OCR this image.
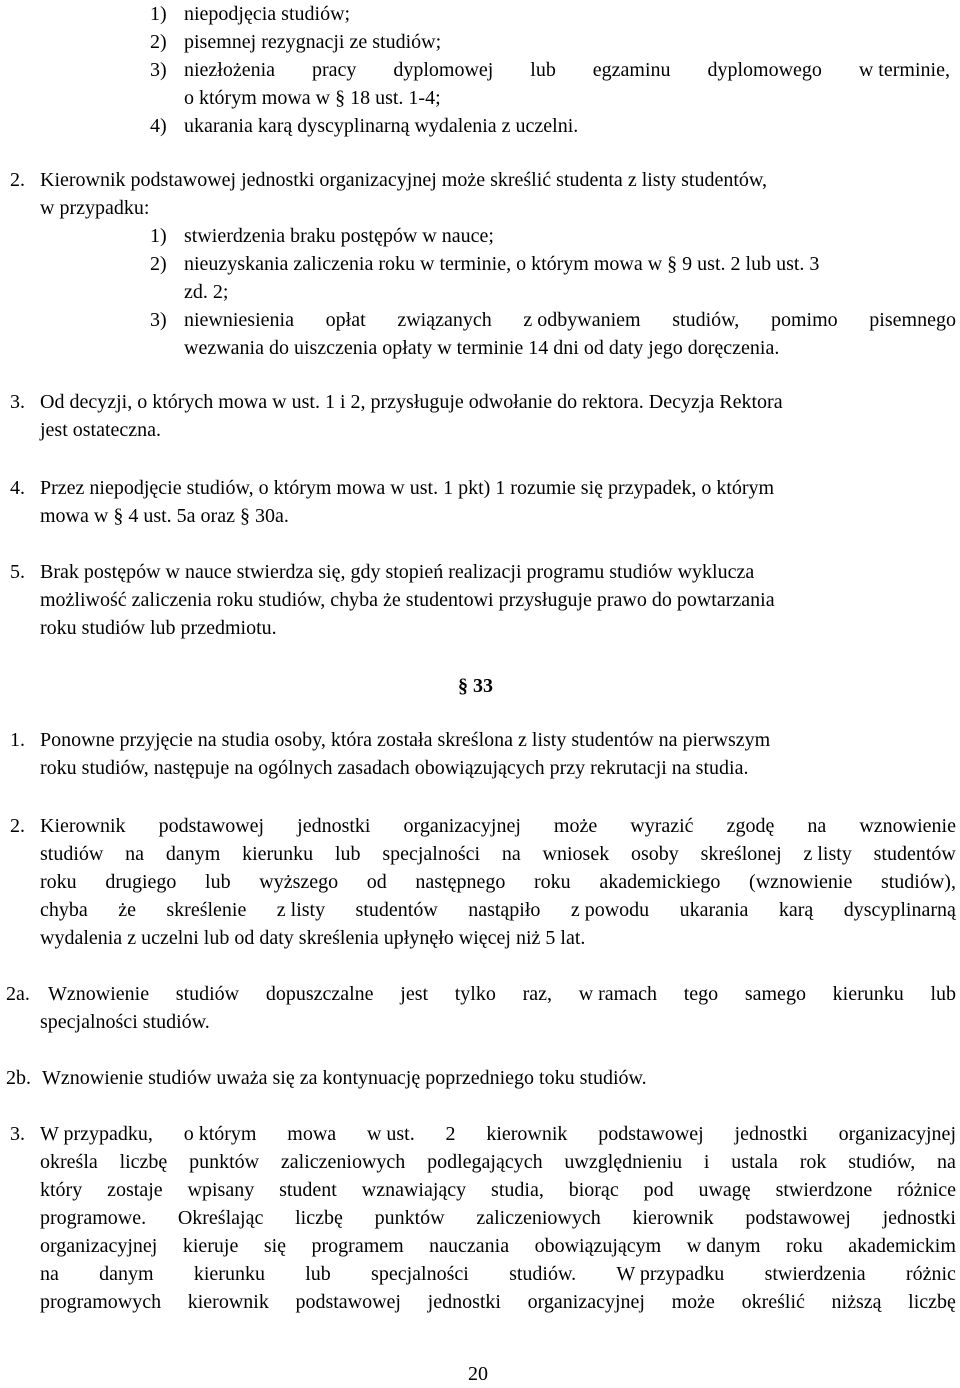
1) niepodjęcia studiów;
2) pisemnej rezygnacji ze studiów;
3) niezłożenia pracy dyplomowej lub egzaminu dyplomowego w terminie,
o którym mowa w § 18 ust. 1-4;
4) ukarania karą dyscyplinarną wydalenia z uczelni.
2. Kierownik podstawowej jednostki organizacyjnej może skreślić studenta z listy studentów,
w przypadku:
1) stwierdzenia braku postępów w nauce;
2) nieuzyskania zaliczenia roku w terminie, o którym mowa w § 9 ust. 2 lub ust. 3
zd. 2;
3) niewniesienia opłat związanych z odbywaniem studiów, pomimo pisemnego
wezwania do uiszczenia opłaty w terminie 14 dni od daty jego doręczenia.
3. Od decyzji, o których mowa w ust. 1 i 2, przysługuje odwołanie do rektora. Decyzja Rektora
jest ostateczna.
4. Przez niepodjęcie studiów, o którym mowa w ust. 1 pkt) 1 rozumie się przypadek, o którym
mowa w § 4 ust. 5a oraz § 30a.
5. Brak postępów w nauce stwierdza się, gdy stopień realizacji programu studiów wyklucza
możliwość zaliczenia roku studiów, chyba że studentowi przysługuje prawo do powtarzania
roku studiów lub przedmiotu.
§ 33
1. Ponowne przyjęcie na studia osoby, która została skreślona z listy studentów na pierwszym
roku studiów, następuje na ogólnych zasadach obowiązujących przy rekrutacji na studia.
2. Kierownik podstawowej jednostki organizacyjnej może wyrazić zgodę na wznowienie
studiów na danym kierunku lub specjalności na wniosek osoby skreślonej z listy studentów
roku drugiego lub wyższego od następnego roku akademickiego (wznowienie studiów),
chyba że skreślenie z listy studentów nastąpiło z powodu ukarania karą dyscyplinarną
wydalenia z uczelni lub od daty skreślenia upłynęło więcej niż 5 lat.
2a. Wznowienie studiów dopuszczalne jest tylko raz, w ramach tego samego kierunku lub
specjalności studiów.
2b. Wznowienie studiów uważa się za kontynuację poprzedniego toku studiów.
3. W przypadku, o którym mowa w ust. 2 kierownik podstawowej jednostki organizacyjnej
określa liczbę punktów zaliczeniowych podlegających uwzględnieniu i ustala rok studiów, na
który zostaje wpisany student wznawiający studia, biorąc pod uwagę stwierdzone różnice
programowe. Określając liczbę punktów zaliczeniowych kierownik podstawowej jednostki
organizacyjnej kieruje się programem nauczania obowiązującym w danym roku akademickim
na danym kierunku lub specjalności studiów. W przypadku stwierdzenia różnic
programowych kierownik podstawowej jednostki organizacyjnej może określić niższą liczbę
20
